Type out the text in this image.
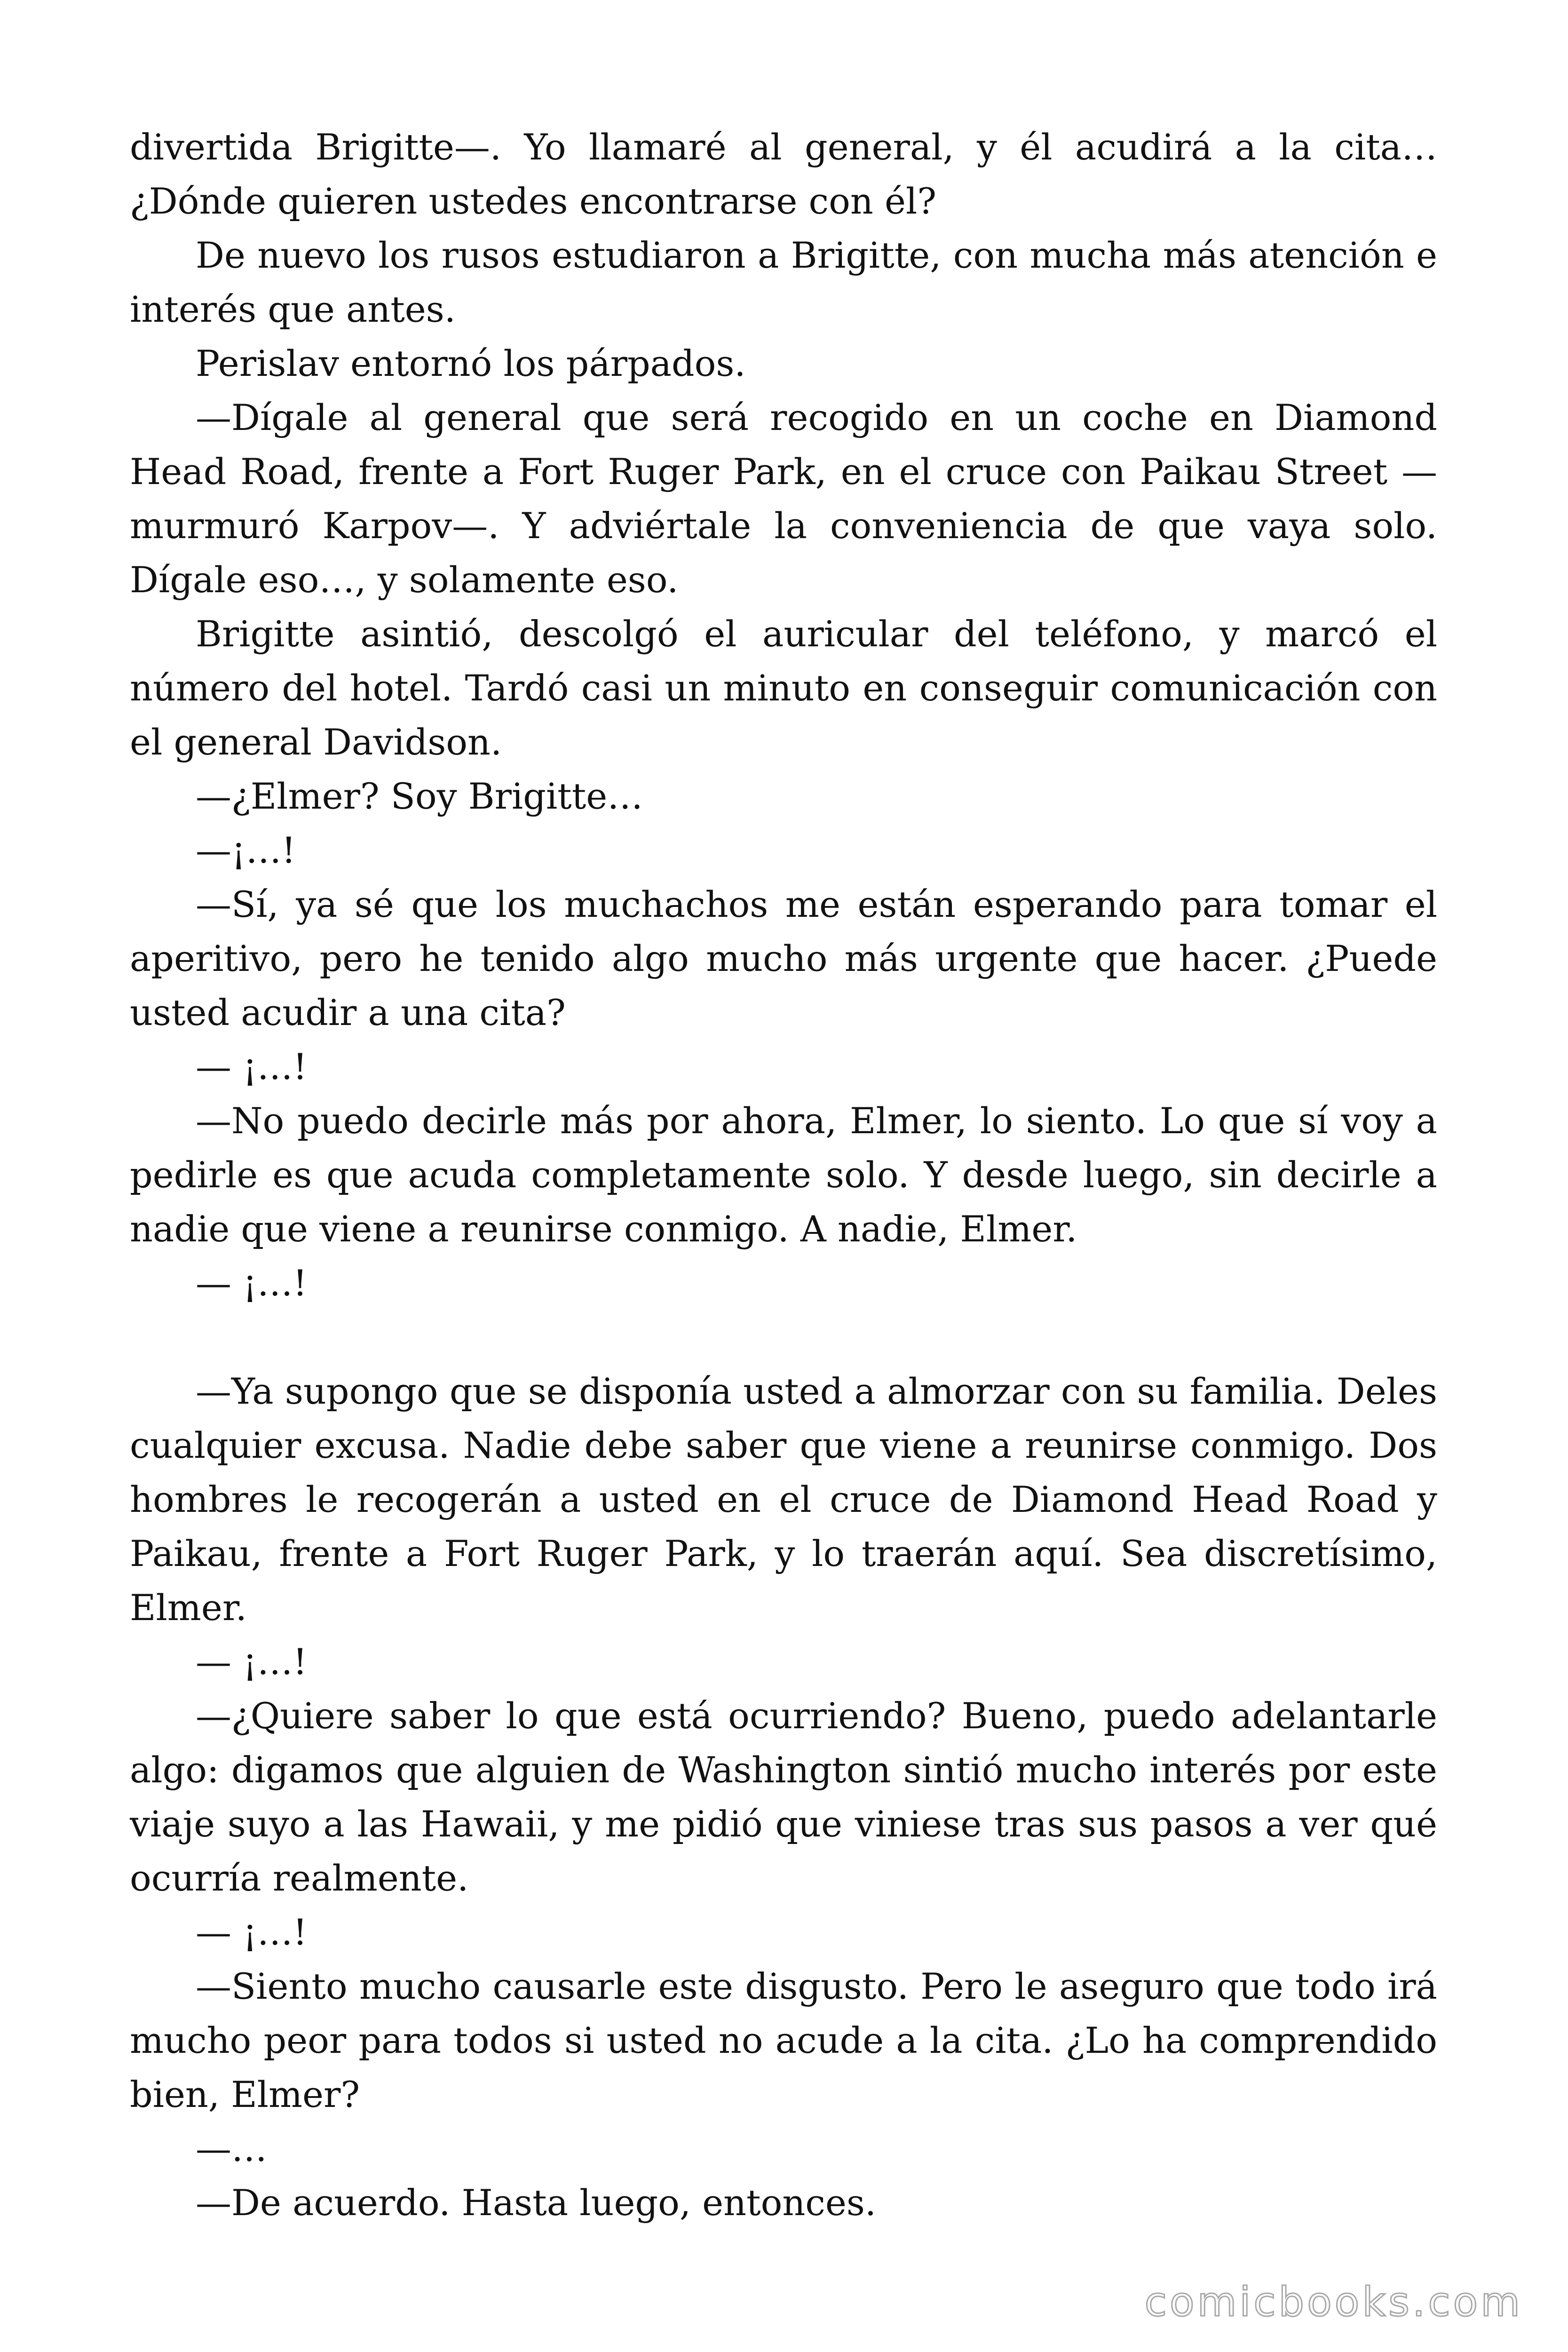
divertida Brigitte—. Yo llamaré al general, y él acudirá a la cita… ¿Dónde quieren ustedes encontrarse con él?

De nuevo los rusos estudiaron a Brigitte, con mucha más atención e interés que antes.

Perislav entornó los párpados.

—Dígale al general que será recogido en un coche en Diamond Head Road, frente a Fort Ruger Park, en el cruce con Paikau Street —murmuró Karpov—. Y adviértale la conveniencia de que vaya solo. Dígale eso…, y solamente eso.

Brigitte asintió, descolgó el auricular del teléfono, y marcó el número del hotel. Tardó casi un minuto en conseguir comunicación con el general Davidson.

—¿Elmer? Soy Brigitte…

—¡…!

—Sí, ya sé que los muchachos me están esperando para tomar el aperitivo, pero he tenido algo mucho más urgente que hacer. ¿Puede usted acudir a una cita?

— ¡…!

—No puedo decirle más por ahora, Elmer, lo siento. Lo que sí voy a pedirle es que acuda completamente solo. Y desde luego, sin decirle a nadie que viene a reunirse conmigo. A nadie, Elmer.

— ¡…!

—Ya supongo que se disponía usted a almorzar con su familia. Deles cualquier excusa. Nadie debe saber que viene a reunirse conmigo. Dos hombres le recogerán a usted en el cruce de Diamond Head Road y Paikau, frente a Fort Ruger Park, y lo traerán aquí. Sea discretísimo, Elmer.

— ¡…!

—¿Quiere saber lo que está ocurriendo? Bueno, puedo adelantarle algo: digamos que alguien de Washington sintió mucho interés por este viaje suyo a las Hawaii, y me pidió que viniese tras sus pasos a ver qué ocurría realmente.

— ¡…!

—Siento mucho causarle este disgusto. Pero le aseguro que todo irá mucho peor para todos si usted no acude a la cita. ¿Lo ha comprendido bien, Elmer?

—…

—De acuerdo. Hasta luego, entonces.

comicbooks.com
